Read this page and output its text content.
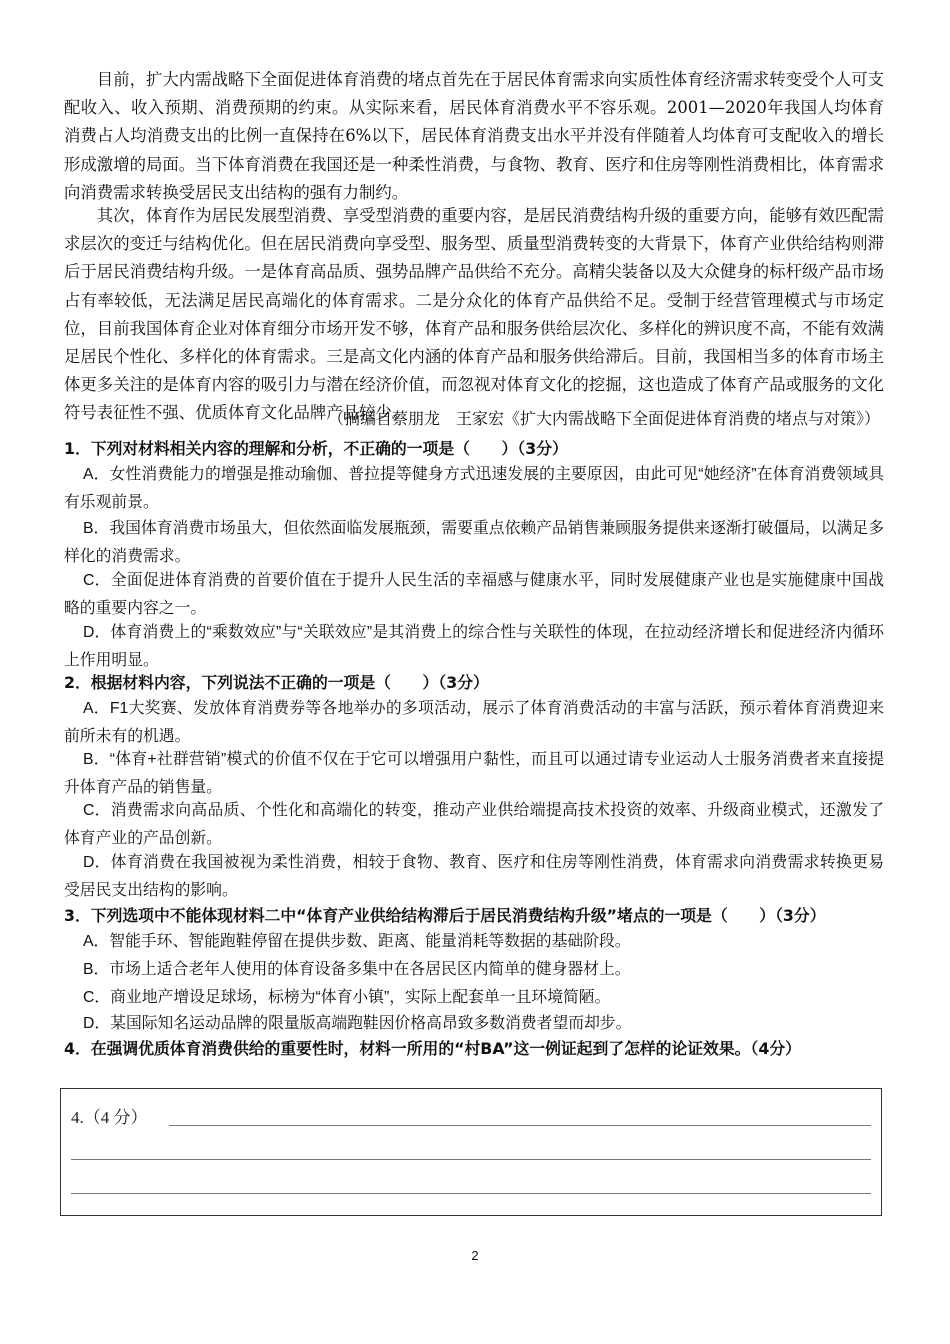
目前，扩大内需战略下全面促进体育消费的堵点首先在于居民体育需求向实质性体育经济需求转变受个人可支配收入、收入预期、消费预期的约束。从实际来看，居民体育消费水平不容乐观。2001—2020年我国人均体育消费占人均消费支出的比例一直保持在6%以下，居民体育消费支出水平并没有伴随着人均体育可支配收入的增长形成激增的局面。当下体育消费在我国还是一种柔性消费，与食物、教育、医疗和住房等刚性消费相比，体育需求向消费需求转换受居民支出结构的强有力制约。

其次，体育作为居民发展型消费、享受型消费的重要内容，是居民消费结构升级的重要方向，能够有效匹配需求层次的变迁与结构优化。但在居民消费向享受型、服务型、质量型消费转变的大背景下，体育产业供给结构则滞后于居民消费结构升级。一是体育高品质、强势品牌产品供给不充分。高精尖装备以及大众健身的标杆级产品市场占有率较低，无法满足居民高端化的体育需求。二是分众化的体育产品供给不足。受制于经营管理模式与市场定位，目前我国体育企业对体育细分市场开发不够，体育产品和服务供给层次化、多样化的辨识度不高，不能有效满足居民个性化、多样化的体育需求。三是高文化内涵的体育产品和服务供给滞后。目前，我国相当多的体育市场主体更多关注的是体育内容的吸引力与潜在经济价值，而忽视对体育文化的挖掘，这也造成了体育产品或服务的文化符号表征性不强、优质体育文化品牌产品较少。

（摘编自蔡朋龙　王家宏《扩大内需战略下全面促进体育消费的堵点与对策》）
1．下列对材料相关内容的理解和分析，不正确的一项是（　　）（3分）

A．女性消费能力的增强是推动瑜伽、普拉提等健身方式迅速发展的主要原因，由此可见“她经济”在体育消费领域具有乐观前景。

B．我国体育消费市场虽大，但依然面临发展瓶颈，需要重点依赖产品销售兼顾服务提供来逐渐打破僵局，以满足多样化的消费需求。

C．全面促进体育消费的首要价值在于提升人民生活的幸福感与健康水平，同时发展健康产业也是实施健康中国战略的重要内容之一。

D．体育消费上的“乘数效应”与“关联效应”是其消费上的综合性与关联性的体现，在拉动经济增长和促进经济内循环上作用明显。

2．根据材料内容，下列说法不正确的一项是（　　）（3分）

A．F1大奖赛、发放体育消费券等各地举办的多项活动，展示了体育消费活动的丰富与活跃，预示着体育消费迎来前所未有的机遇。

B．“体育+社群营销”模式的价值不仅在于它可以增强用户黏性，而且可以通过请专业运动人士服务消费者来直接提升体育产品的销售量。

C．消费需求向高品质、个性化和高端化的转变，推动产业供给端提高技术投资的效率、升级商业模式，还激发了体育产业的产品创新。

D．体育消费在我国被视为柔性消费，相较于食物、教育、医疗和住房等刚性消费，体育需求向消费需求转换更易受居民支出结构的影响。

3．下列选项中不能体现材料二中“体育产业供给结构滞后于居民消费结构升级”堵点的一项是（　　）（3分）

A．智能手环、智能跑鞋停留在提供步数、距离、能量消耗等数据的基础阶段。

B．市场上适合老年人使用的体育设备多集中在各居民区内简单的健身器材上。

C．商业地产增设足球场，标榜为“体育小镇”，实际上配套单一且环境简陋。

D．某国际知名运动品牌的限量版高端跑鞋因价格高昂致多数消费者望而却步。

4．在强调优质体育消费供给的重要性时，材料一所用的“村BA”这一例证起到了怎样的论证效果。（4分）
4.（4 分）
2
